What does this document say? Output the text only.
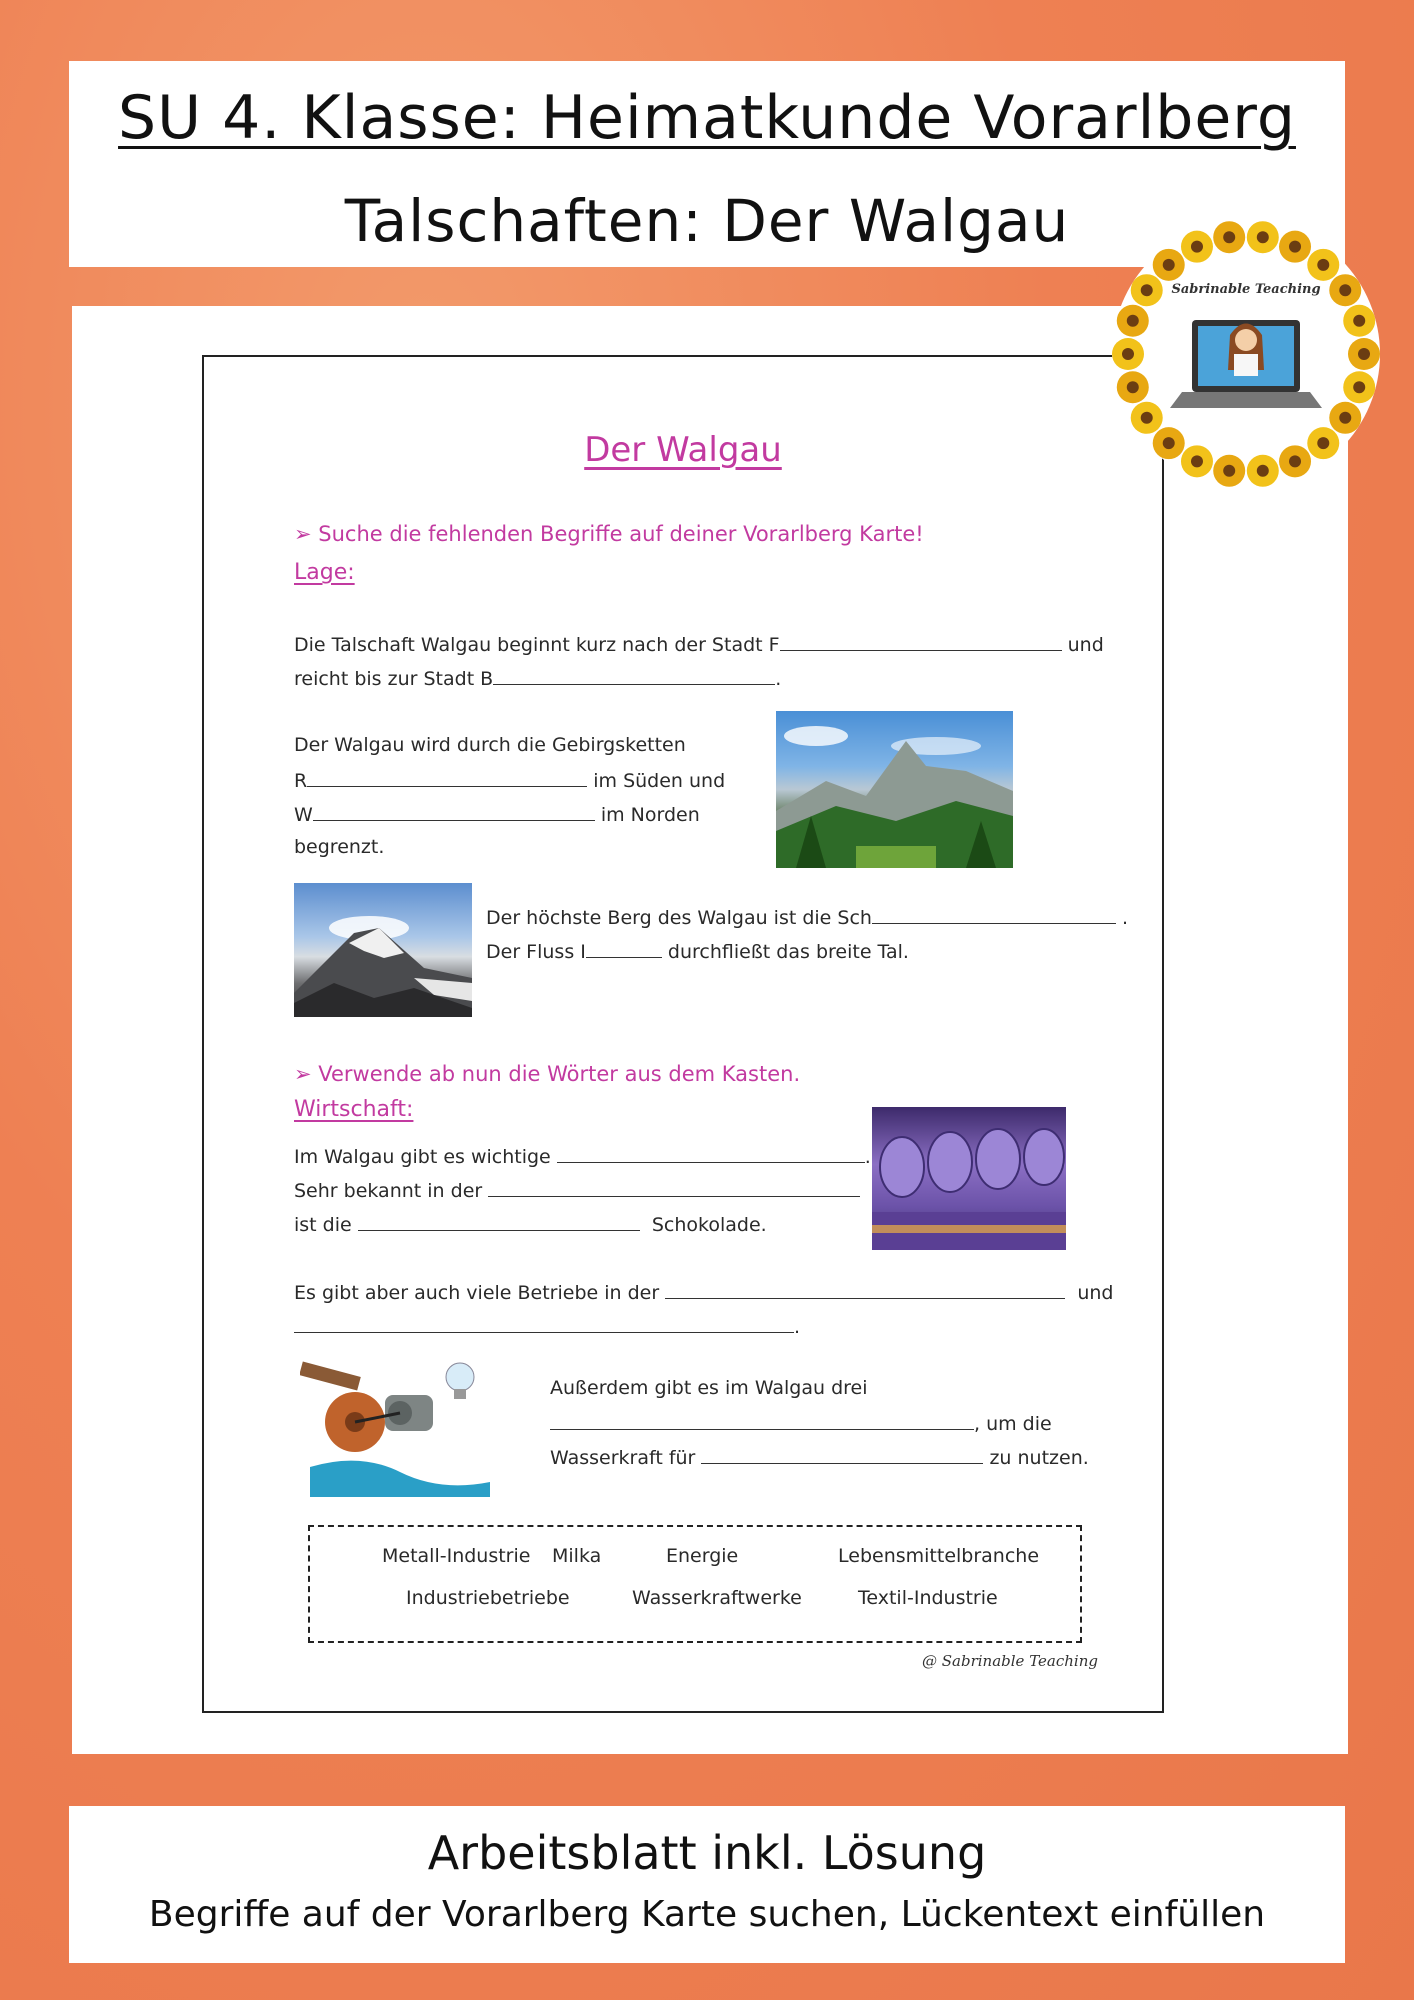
SU 4. Klasse: Heimatkunde Vorarlberg
Talschaften: Der Walgau
Der Walgau
➢ Suche die fehlenden Begriffe auf deiner Vorarlberg Karte!
Lage:
Die Talschaft Walgau beginnt kurz nach der Stadt F	und
reicht bis zur Stadt B	.
Der Walgau wird durch die Gebirgsketten
R	im Süden und
W	im Norden
begrenzt.
Der höchste Berg des Walgau ist die Sch	.
Der Fluss I	durchfließt das breite Tal.
➢ Verwende ab nun die Wörter aus dem Kasten.
Wirtschaft:
Im Walgau gibt es wichtige	.
Sehr bekannt in der
ist die	Schokolade.
Es gibt aber auch viele Betriebe in der	und
.
Außerdem gibt es im Walgau drei
, um die
Wasserkraft für	zu nutzen.
Metall-Industrie Milka	Energie	Lebensmittelbranche
Industriebetriebe	Wasserkraftwerke	Textil-Industrie
@ Sabrinable Teaching
Sabrinable Teaching
Arbeitsblatt inkl. Lösung
Begriffe auf der Vorarlberg Karte suchen, Lückentext einfüllen
